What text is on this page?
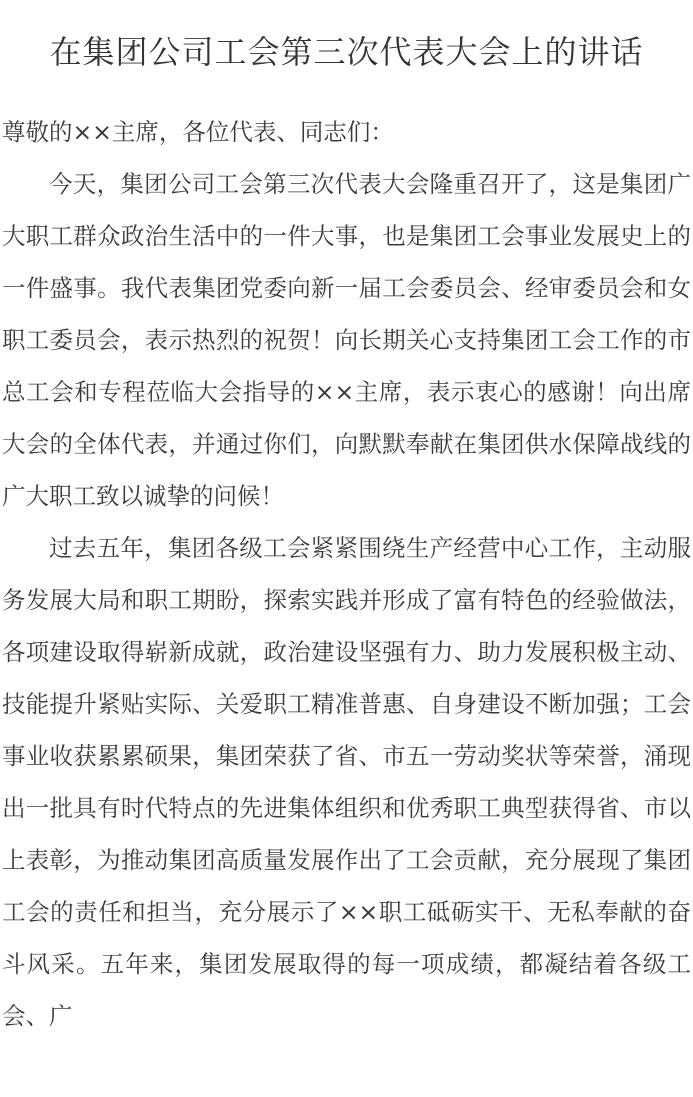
在集团公司工会第三次代表大会上的讲话

尊敬的××主席，各位代表、同志们：

今天，集团公司工会第三次代表大会隆重召开了，这是集团广大职工群众政治生活中的一件大事，也是集团工会事业发展史上的一件盛事。我代表集团党委向新一届工会委员会、经审委员会和女职工委员会，表示热烈的祝贺！向长期关心支持集团工会工作的市总工会和专程莅临大会指导的××主席，表示衷心的感谢！向出席大会的全体代表，并通过你们，向默默奉献在集团供水保障战线的广大职工致以诚挚的问候！

过去五年，集团各级工会紧紧围绕生产经营中心工作，主动服务发展大局和职工期盼，探索实践并形成了富有特色的经验做法，各项建设取得崭新成就，政治建设坚强有力、助力发展积极主动、技能提升紧贴实际、关爱职工精准普惠、自身建设不断加强；工会事业收获累累硕果，集团荣获了省、市五一劳动奖状等荣誉，涌现出一批具有时代特点的先进集体组织和优秀职工典型获得省、市以上表彰，为推动集团高质量发展作出了工会贡献，充分展现了集团工会的责任和担当，充分展示了××职工砥砺实干、无私奉献的奋斗风采。五年来，集团发展取得的每一项成绩，都凝结着各级工会、广
